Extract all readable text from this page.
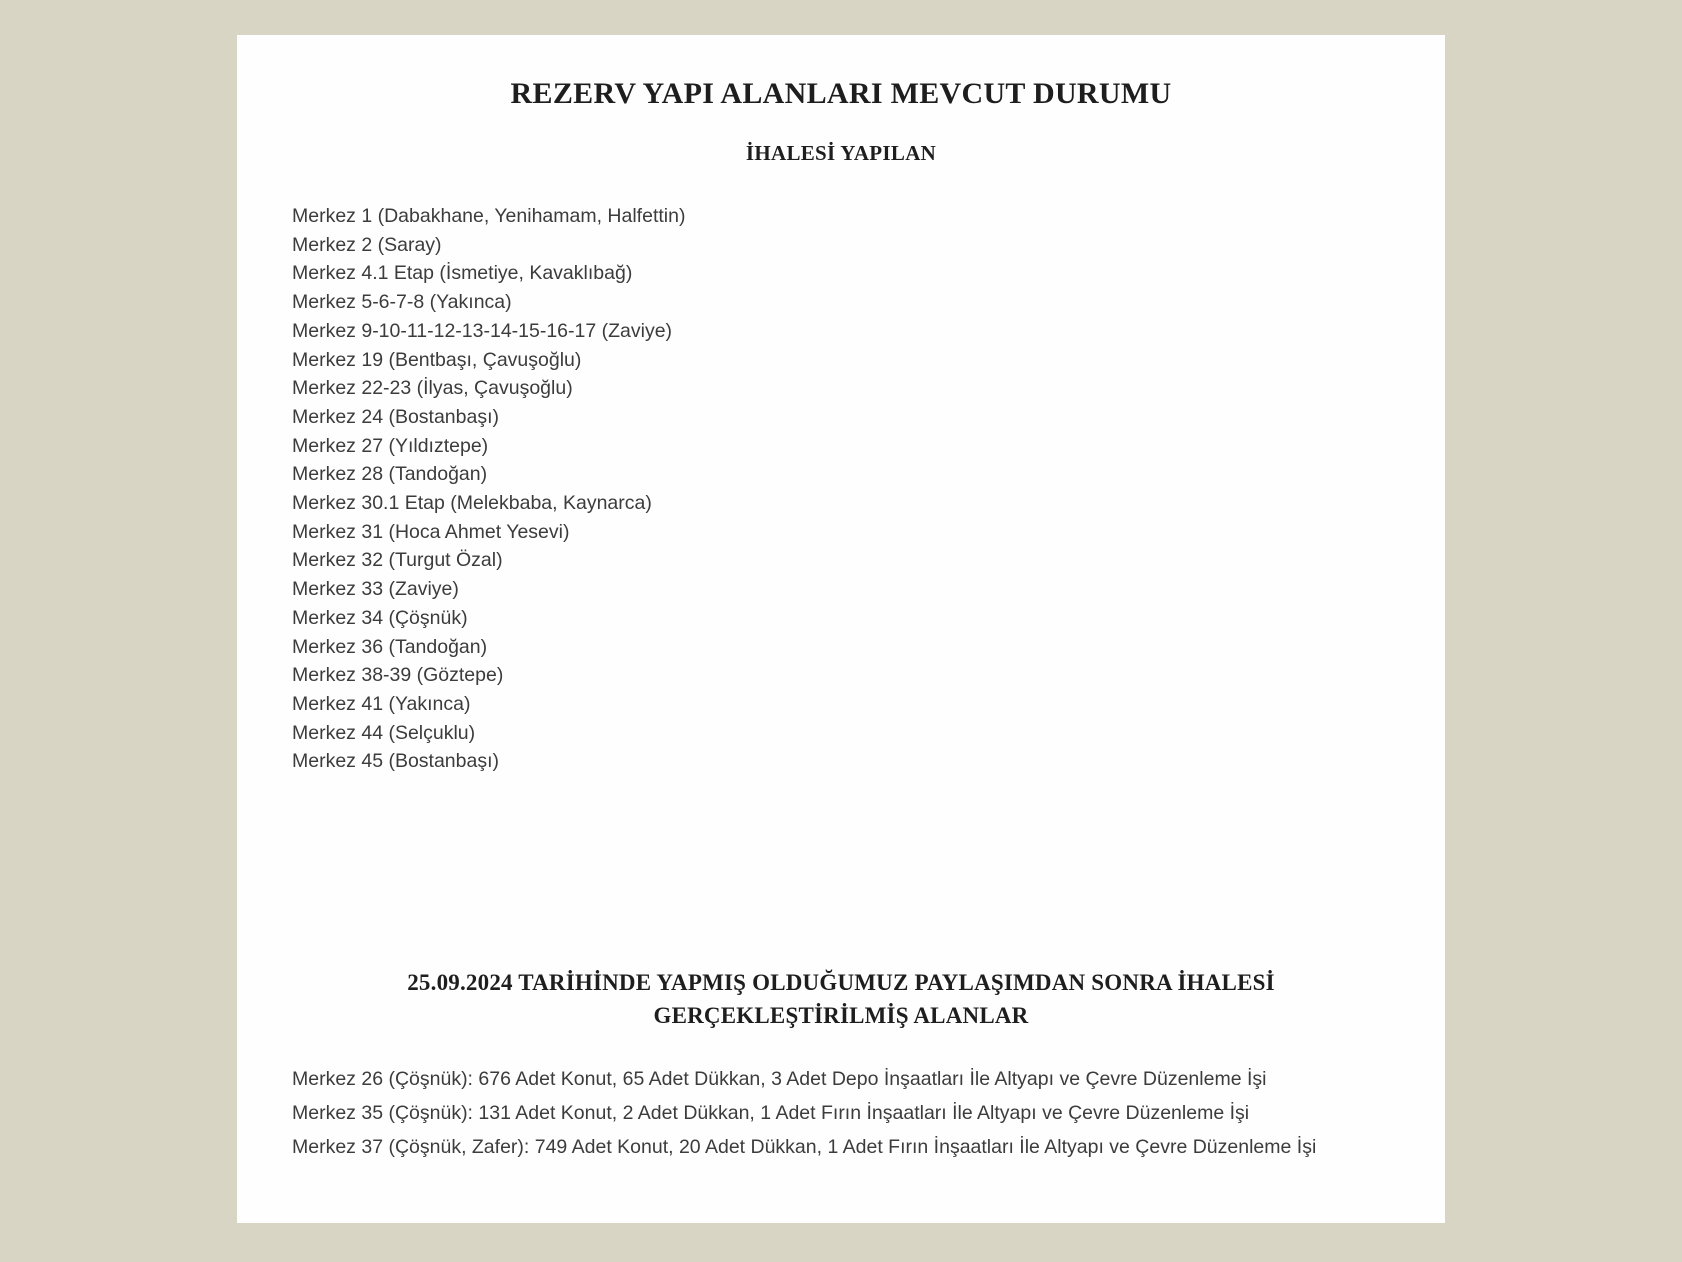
REZERV YAPI ALANLARI MEVCUT DURUMU
İHALESİ YAPILAN
Merkez 1 (Dabakhane, Yenihamam, Halfettin)
Merkez 2 (Saray)
Merkez 4.1 Etap (İsmetiye, Kavaklıbağ)
Merkez 5-6-7-8 (Yakınca)
Merkez 9-10-11-12-13-14-15-16-17 (Zaviye)
Merkez 19 (Bentbaşı, Çavuşoğlu)
Merkez 22-23 (İlyas, Çavuşoğlu)
Merkez 24 (Bostanbaşı)
Merkez 27 (Yıldıztepe)
Merkez 28 (Tandoğan)
Merkez 30.1 Etap (Melekbaba, Kaynarca)
Merkez 31 (Hoca Ahmet Yesevi)
Merkez 32 (Turgut Özal)
Merkez 33 (Zaviye)
Merkez 34 (Çöşnük)
Merkez 36 (Tandoğan)
Merkez 38-39 (Göztepe)
Merkez 41 (Yakınca)
Merkez 44 (Selçuklu)
Merkez 45 (Bostanbaşı)
25.09.2024 TARİHİNDE YAPMIŞ OLDUĞUMUZ PAYLAŞIMDAN SONRA İHALESİ
GERÇEKLEŞTİRİLMİŞ ALANLAR
Merkez 26 (Çöşnük): 676 Adet Konut, 65 Adet Dükkan, 3 Adet Depo İnşaatları İle Altyapı ve Çevre Düzenleme İşi
Merkez 35 (Çöşnük): 131 Adet Konut, 2 Adet Dükkan, 1 Adet Fırın İnşaatları İle Altyapı ve Çevre Düzenleme İşi
Merkez 37 (Çöşnük, Zafer): 749 Adet Konut, 20 Adet Dükkan, 1 Adet Fırın İnşaatları İle Altyapı ve Çevre Düzenleme İşi
